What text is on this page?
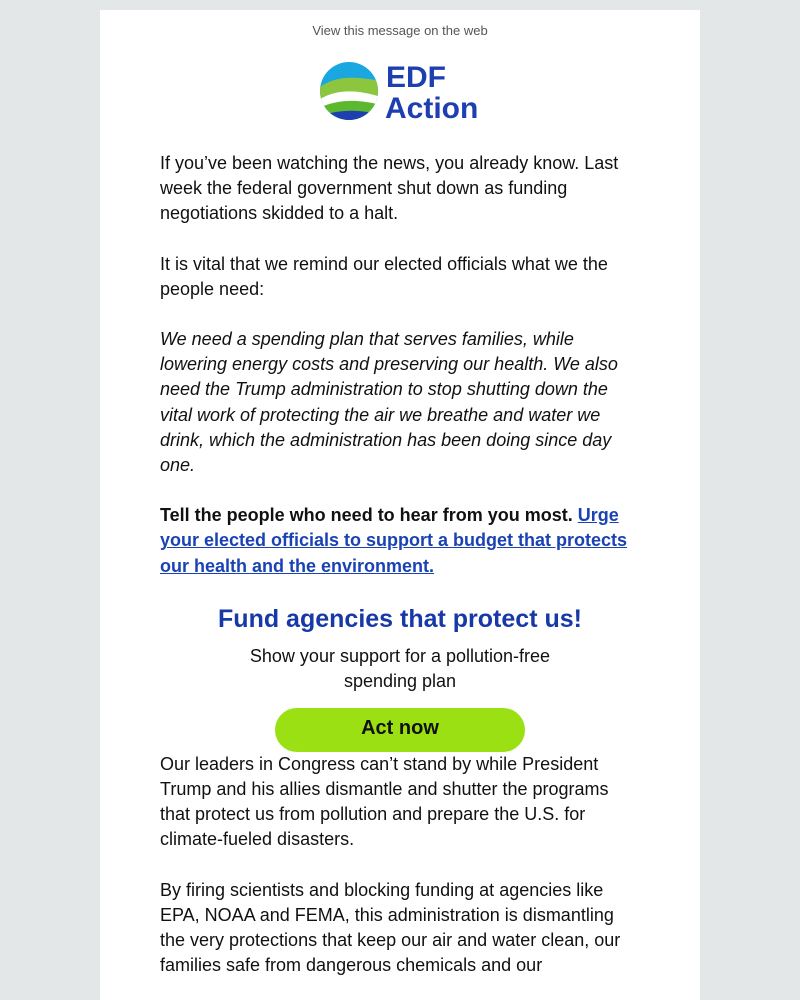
View this message on the web
EDF
Action

If you’ve been watching the news, you already know. Last week the federal government shut down as funding negotiations skidded to a halt.

It is vital that we remind our elected officials what we the people need:

We need a spending plan that serves families, while lowering energy costs and preserving our health. We also need the Trump administration to stop shutting down the vital work of protecting the air we breathe and water we drink, which the administration has been doing since day one.

Tell the people who need to hear from you most. Urge your elected officials to support a budget that protects our health and the environment.

Fund agencies that protect us!
Show your support for a pollution-free spending plan
Act now

Our leaders in Congress can’t stand by while President Trump and his allies dismantle and shutter the programs that protect us from pollution and prepare the U.S. for climate-fueled disasters.

By firing scientists and blocking funding at agencies like EPA, NOAA and FEMA, this administration is dismantling the very protections that keep our air and water clean, our families safe from dangerous chemicals and our
